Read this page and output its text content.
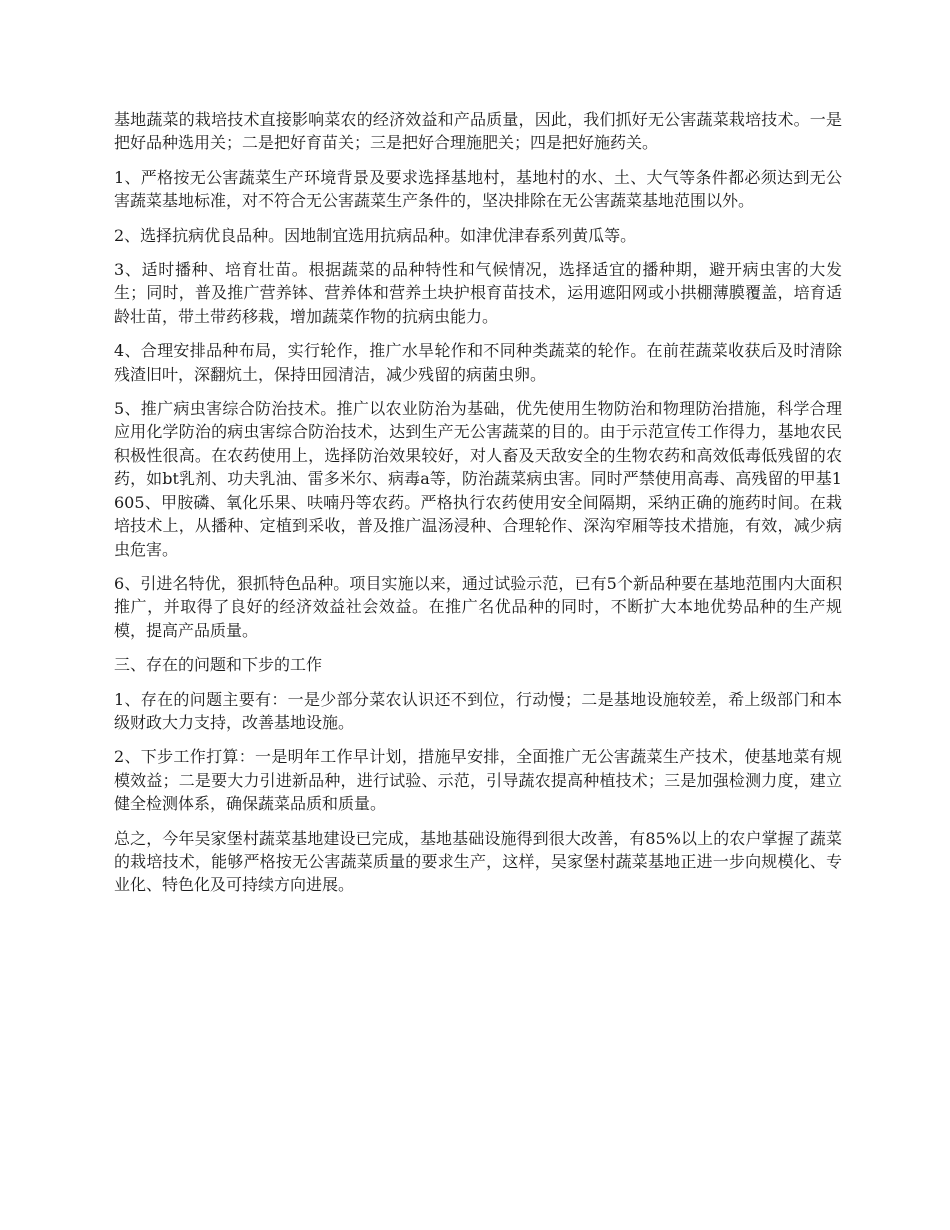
基地蔬菜的栽培技术直接影响菜农的经济效益和产品质量，因此，我们抓好无公害蔬菜栽培技术。一是把好品种选用关；二是把好育苗关；三是把好合理施肥关；四是把好施药关。

1、严格按无公害蔬菜生产环境背景及要求选择基地村，基地村的水、土、大气等条件都必须达到无公害蔬菜基地标准，对不符合无公害蔬菜生产条件的，坚决排除在无公害蔬菜基地范围以外。

2、选择抗病优良品种。因地制宜选用抗病品种。如津优津春系列黄瓜等。

3、适时播种、培育壮苗。根据蔬菜的品种特性和气候情况，选择适宜的播种期，避开病虫害的大发生；同时，普及推广营养钵、营养体和营养土块护根育苗技术，运用遮阳网或小拱棚薄膜覆盖，培育适龄壮苗，带土带药移栽，增加蔬菜作物的抗病虫能力。

4、合理安排品种布局，实行轮作，推广水旱轮作和不同种类蔬菜的轮作。在前茬蔬菜收获后及时清除残渣旧叶，深翻炕土，保持田园清洁，减少残留的病菌虫卵。

5、推广病虫害综合防治技术。推广以农业防治为基础，优先使用生物防治和物理防治措施，科学合理应用化学防治的病虫害综合防治技术，达到生产无公害蔬菜的目的。由于示范宣传工作得力，基地农民积极性很高。在农药使用上，选择防治效果较好，对人畜及天敌安全的生物农药和高效低毒低残留的农药，如bt乳剂、功夫乳油、雷多米尔、病毒a等，防治蔬菜病虫害。同时严禁使用高毒、高残留的甲基1605、甲胺磷、氧化乐果、呋喃丹等农药。严格执行农药使用安全间隔期，采纳正确的施药时间。在栽培技术上，从播种、定植到采收，普及推广温汤浸种、合理轮作、深沟窄厢等技术措施，有效，减少病虫危害。

6、引进名特优，狠抓特色品种。项目实施以来，通过试验示范，已有5个新品种要在基地范围内大面积推广，并取得了良好的经济效益社会效益。在推广名优品种的同时，不断扩大本地优势品种的生产规模，提高产品质量。

三、存在的问题和下步的工作

1、存在的问题主要有：一是少部分菜农认识还不到位，行动慢；二是基地设施较差，希上级部门和本级财政大力支持，改善基地设施。

2、下步工作打算：一是明年工作早计划，措施早安排，全面推广无公害蔬菜生产技术，使基地菜有规模效益；二是要大力引进新品种，进行试验、示范，引导蔬农提高种植技术；三是加强检测力度，建立健全检测体系，确保蔬菜品质和质量。

总之，今年吴家堡村蔬菜基地建设已完成，基地基础设施得到很大改善，有85%以上的农户掌握了蔬菜的栽培技术，能够严格按无公害蔬菜质量的要求生产，这样，吴家堡村蔬菜基地正进一步向规模化、专业化、特色化及可持续方向进展。
